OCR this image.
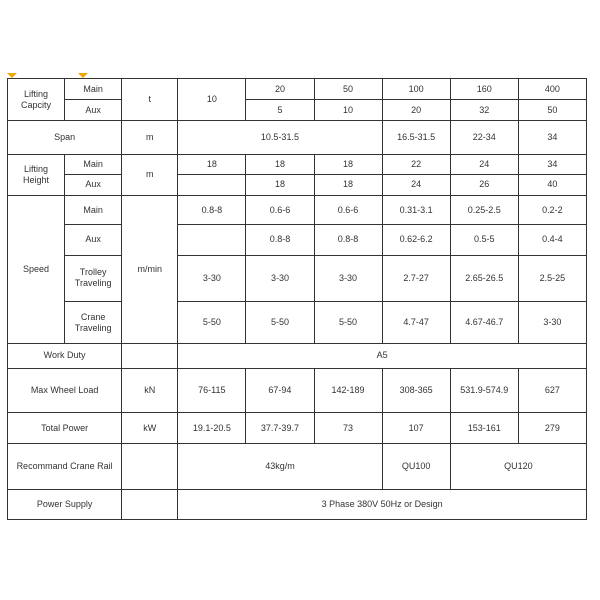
Lifting Capcity	Main	t	10	20	50	100	160	400
	Aux			5	10	20	32	50
Span		m	10.5-31.5			16.5-31.5	22-34	34
Lifting Height	Main	m	18	18	18	22	24	34
	Aux			18	18	24	26	40
Speed	Main	m/min	0.8-8	0.6-6	0.6-6	0.31-3.1	0.25-2.5	0.2-2
	Aux			0.8-8	0.8-8	0.62-6.2	0.5-5	0.4-4
	Trolley Traveling		3-30	3-30	3-30	2.7-27	2.65-26.5	2.5-25
	Crane Traveling		5-50	5-50	5-50	4.7-47	4.67-46.7	3-30
Work Duty			A5					
Max Wheel Load		kN	76-115	67-94	142-189	308-365	531.9-574.9	627
Total Power		kW	19.1-20.5	37.7-39.7	73	107	153-161	279
Recommand Crane Rail			43kg/m			QU100	QU120	
Power Supply			3 Phase 380V 50Hz or Design					
